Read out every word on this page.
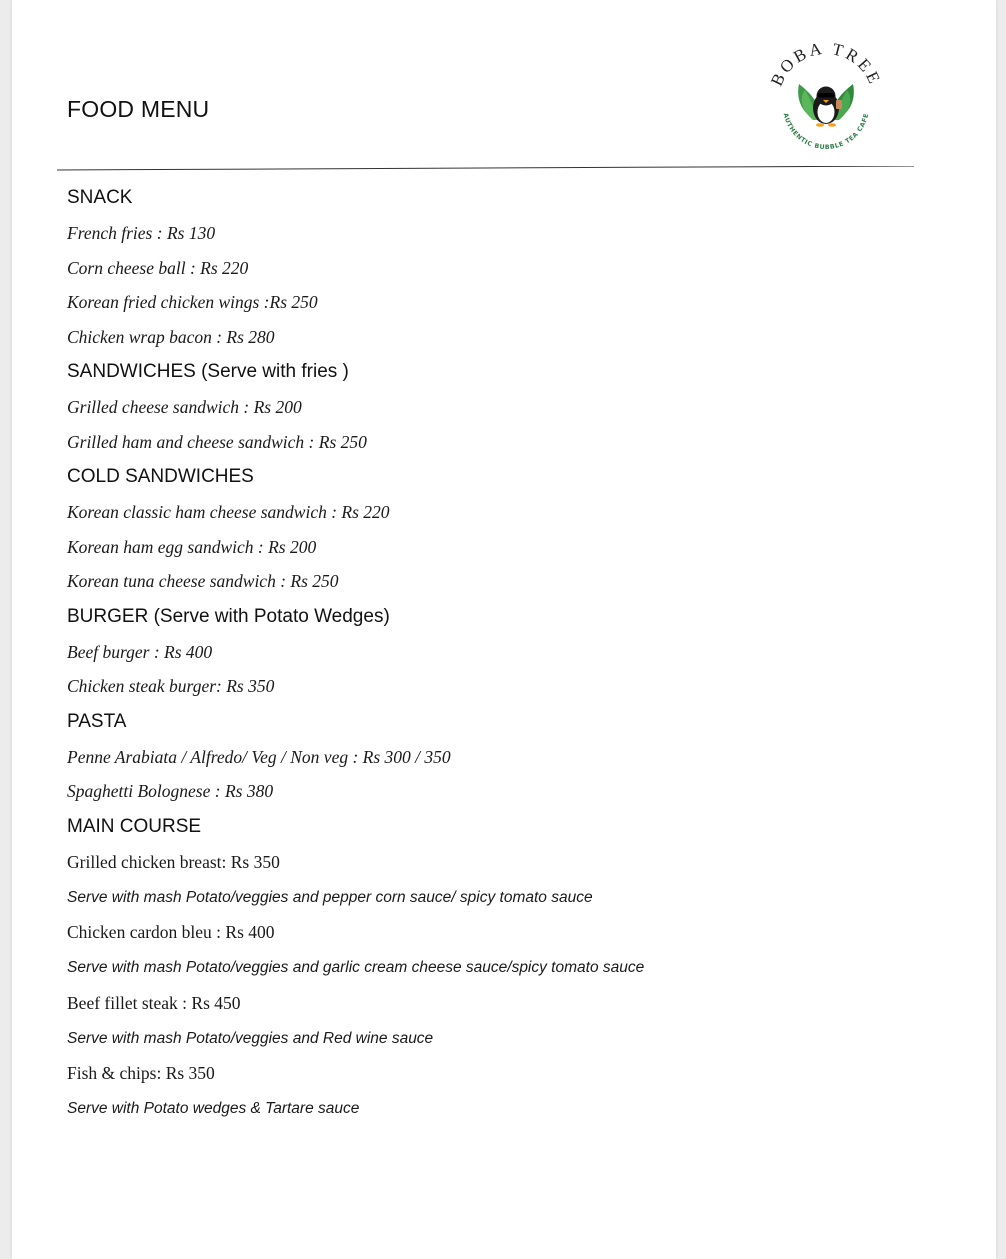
FOOD MENU
BOBA TREE
AUTHENTIC BUBBLE TEA CAFE
SNACK
French fries : Rs 130
Corn cheese ball : Rs 220
Korean fried chicken wings :Rs 250
Chicken wrap bacon : Rs 280
SANDWICHES (Serve with fries )
Grilled cheese sandwich : Rs 200
Grilled ham and cheese sandwich : Rs 250
COLD SANDWICHES
Korean classic ham cheese sandwich : Rs 220
Korean ham egg sandwich : Rs 200
Korean tuna cheese sandwich : Rs 250
BURGER (Serve with Potato Wedges)
Beef burger : Rs 400
Chicken steak burger: Rs 350
PASTA
Penne Arabiata / Alfredo/ Veg / Non veg : Rs 300 / 350
Spaghetti Bolognese : Rs 380
MAIN COURSE
Grilled chicken breast: Rs 350
Serve with mash Potato/veggies and pepper corn sauce/ spicy tomato sauce
Chicken cardon bleu : Rs 400
Serve with mash Potato/veggies and garlic cream cheese sauce/spicy tomato sauce
Beef fillet steak : Rs 450
Serve with mash Potato/veggies and Red wine sauce
Fish & chips: Rs 350
Serve with Potato wedges & Tartare sauce
